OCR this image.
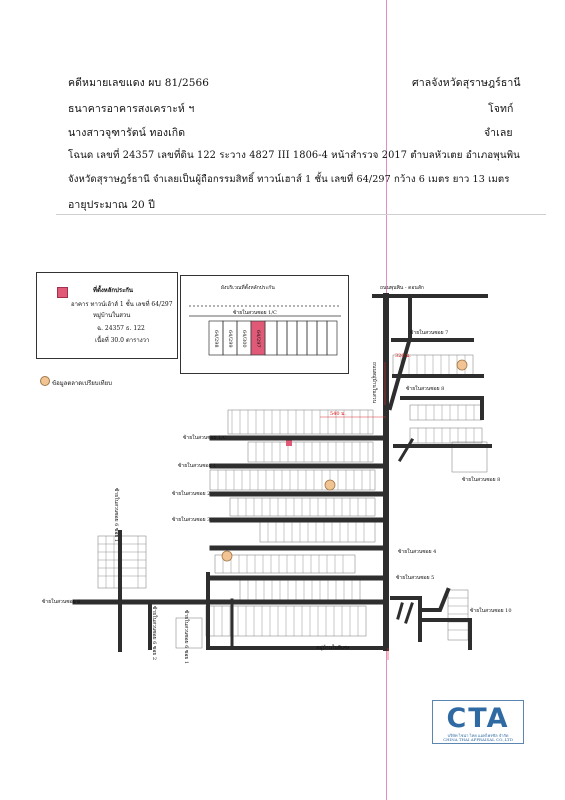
คดีหมายเลขแดง ผบ 81/2566	ศาลจังหวัดสุราษฎร์ธานี
ธนาคารอาคารสงเคราะห์ ฯ	โจทก์
นางสาวจุฑารัตน์ ทองเกิด	จำเลย
โฉนด เลขที่ 24357 เลขที่ดิน 122 ระวาง 4827 III 1806-4 หน้าสำรวจ 2017 ตำบลหัวเตย อำเภอพุนพิน
จังหวัดสุราษฎร์ธานี จำเลยเป็นผู้ถือกรรมสิทธิ์ ทาวน์เฮาส์ 1 ชั้น เลขที่ 64/297 กว้าง 6 เมตร ยาว 13 เมตร
อายุประมาณ 20 ปี
ที่ตั้งหลักประกัน
อาคาร ทาวน์เฮ้าส์ 1 ชั้น เลขที่ 64/297
หมู่บ้านในสวน
ฉ. 24357 ธ. 122
เนื้อที่ 30.0 ตารางวา
ข้อมูลตลาดเปรียบเทียบ
ผังบริเวณที่ตั้งหลักประกัน
ซ้ายในสวนซอย 1/C
64/298 64/299 64/300 64/297
ถนนพุนพิน - ดอนสัก
ซ้ายในสวนซอย 7
ซ้ายในสวนซอย 8
ซ้ายในสวนซอย 8
ถนนหมู่บ้านในสวน
ซ้ายในสวนซอย 1/C
ซ้ายในสวนซอย 1
ซ้ายในสวนซอย 2
ซ้ายในสวนซอย 3
ซ้ายในสวนซอย 4
ซ้ายในสวนซอย 5
ซ้ายในสวนซอย 6
ซ้ายในสวนซอย 10
ซ้ายในสวนซอย 6 ซอย 1
ซ้ายในสวนซอย 6 ซอย 2	ซ้ายในสวนซอย 6 ซอย 1	หมู่บ้านในพิเศษ
320 ม.
540 ม.
CTA
บริษัท ไชน่า ไทย แอพไพรซัล จำกัด
CHINA THAI APPRAISAL CO.,LTD
